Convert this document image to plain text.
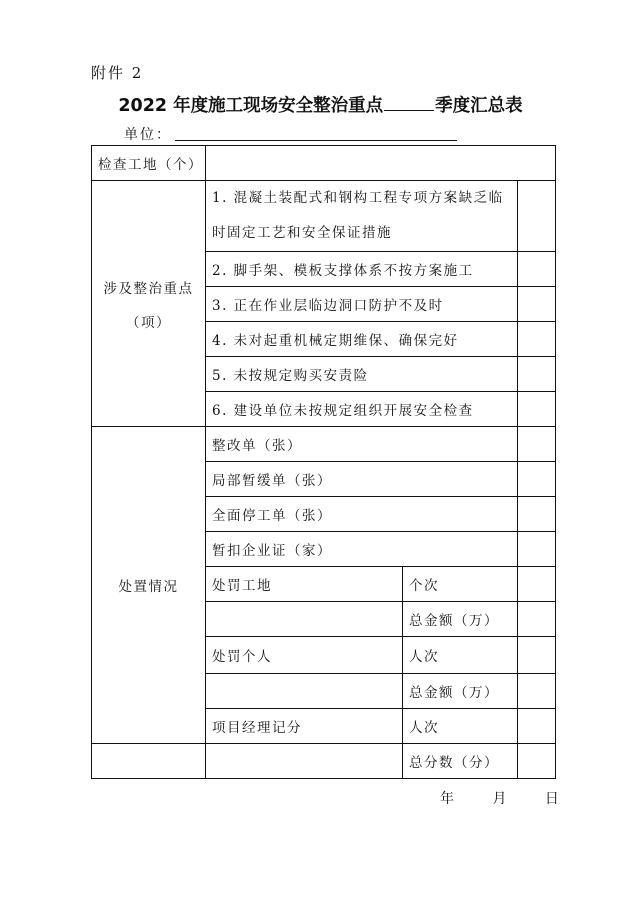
附件 2
2022 年度施工现场安全整治重点	季度汇总表
单位：
检查工地（个）			
涉及整治重点
（项）	1. 混凝土装配式和钢构工程专项方案缺乏临时固定工艺和安全保证措施		
	2. 脚手架、模板支撑体系不按方案施工		
	3. 正在作业层临边洞口防护不及时		
	4. 未对起重机械定期维保、确保完好		
	5. 未按规定购买安责险		
	6. 建设单位未按规定组织开展安全检查		
处置情况	整改单（张）		
	局部暂缓单（张）		
	全面停工单（张）		
	暂扣企业证（家）		
	处罚工地	个次	
		总金额（万）	
	处罚个人	人次	
		总金额（万）	
	项目经理记分	人次	
		总分数（分）	
年 月 日
